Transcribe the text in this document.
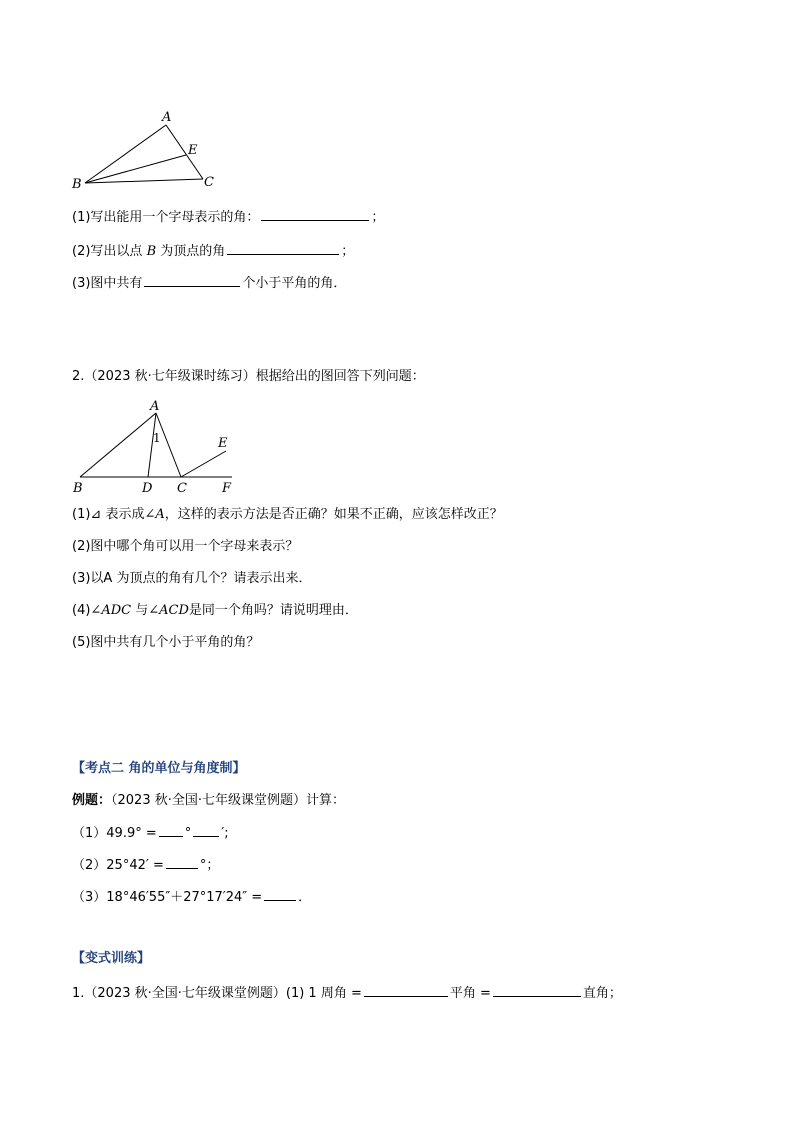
A
B	C
E
(1)写出能用一个字母表示的角：	；
(2)写出以点 B 为顶点的角	；
(3)图中共有	个小于平角的角．
2.（2023 秋·七年级课时练习）根据给出的图回答下列问题：
A
1
B	D C
E
F
(1)⊿ 表示成∠A，这样的表示方法是否正确？如果不正确，应该怎样改正？
(2)图中哪个角可以用一个字母来表示？
(3)以A 为顶点的角有几个？请表示出来．
(4)∠ADC 与∠ACD是同一个角吗？请说明理由．
(5)图中共有几个小于平角的角？
【考点二 角的单位与角度制】
例题：（2023 秋·全国·七年级课堂例题）计算：
（1）49.9° = ° ′;
（2）25°42′ =	°；
（3）18°46′55″＋27°17′24″ =	．
【变式训练】
1.（2023 秋·全国·七年级课堂例题）(1) 1 周角 =	平角 =	直角；
